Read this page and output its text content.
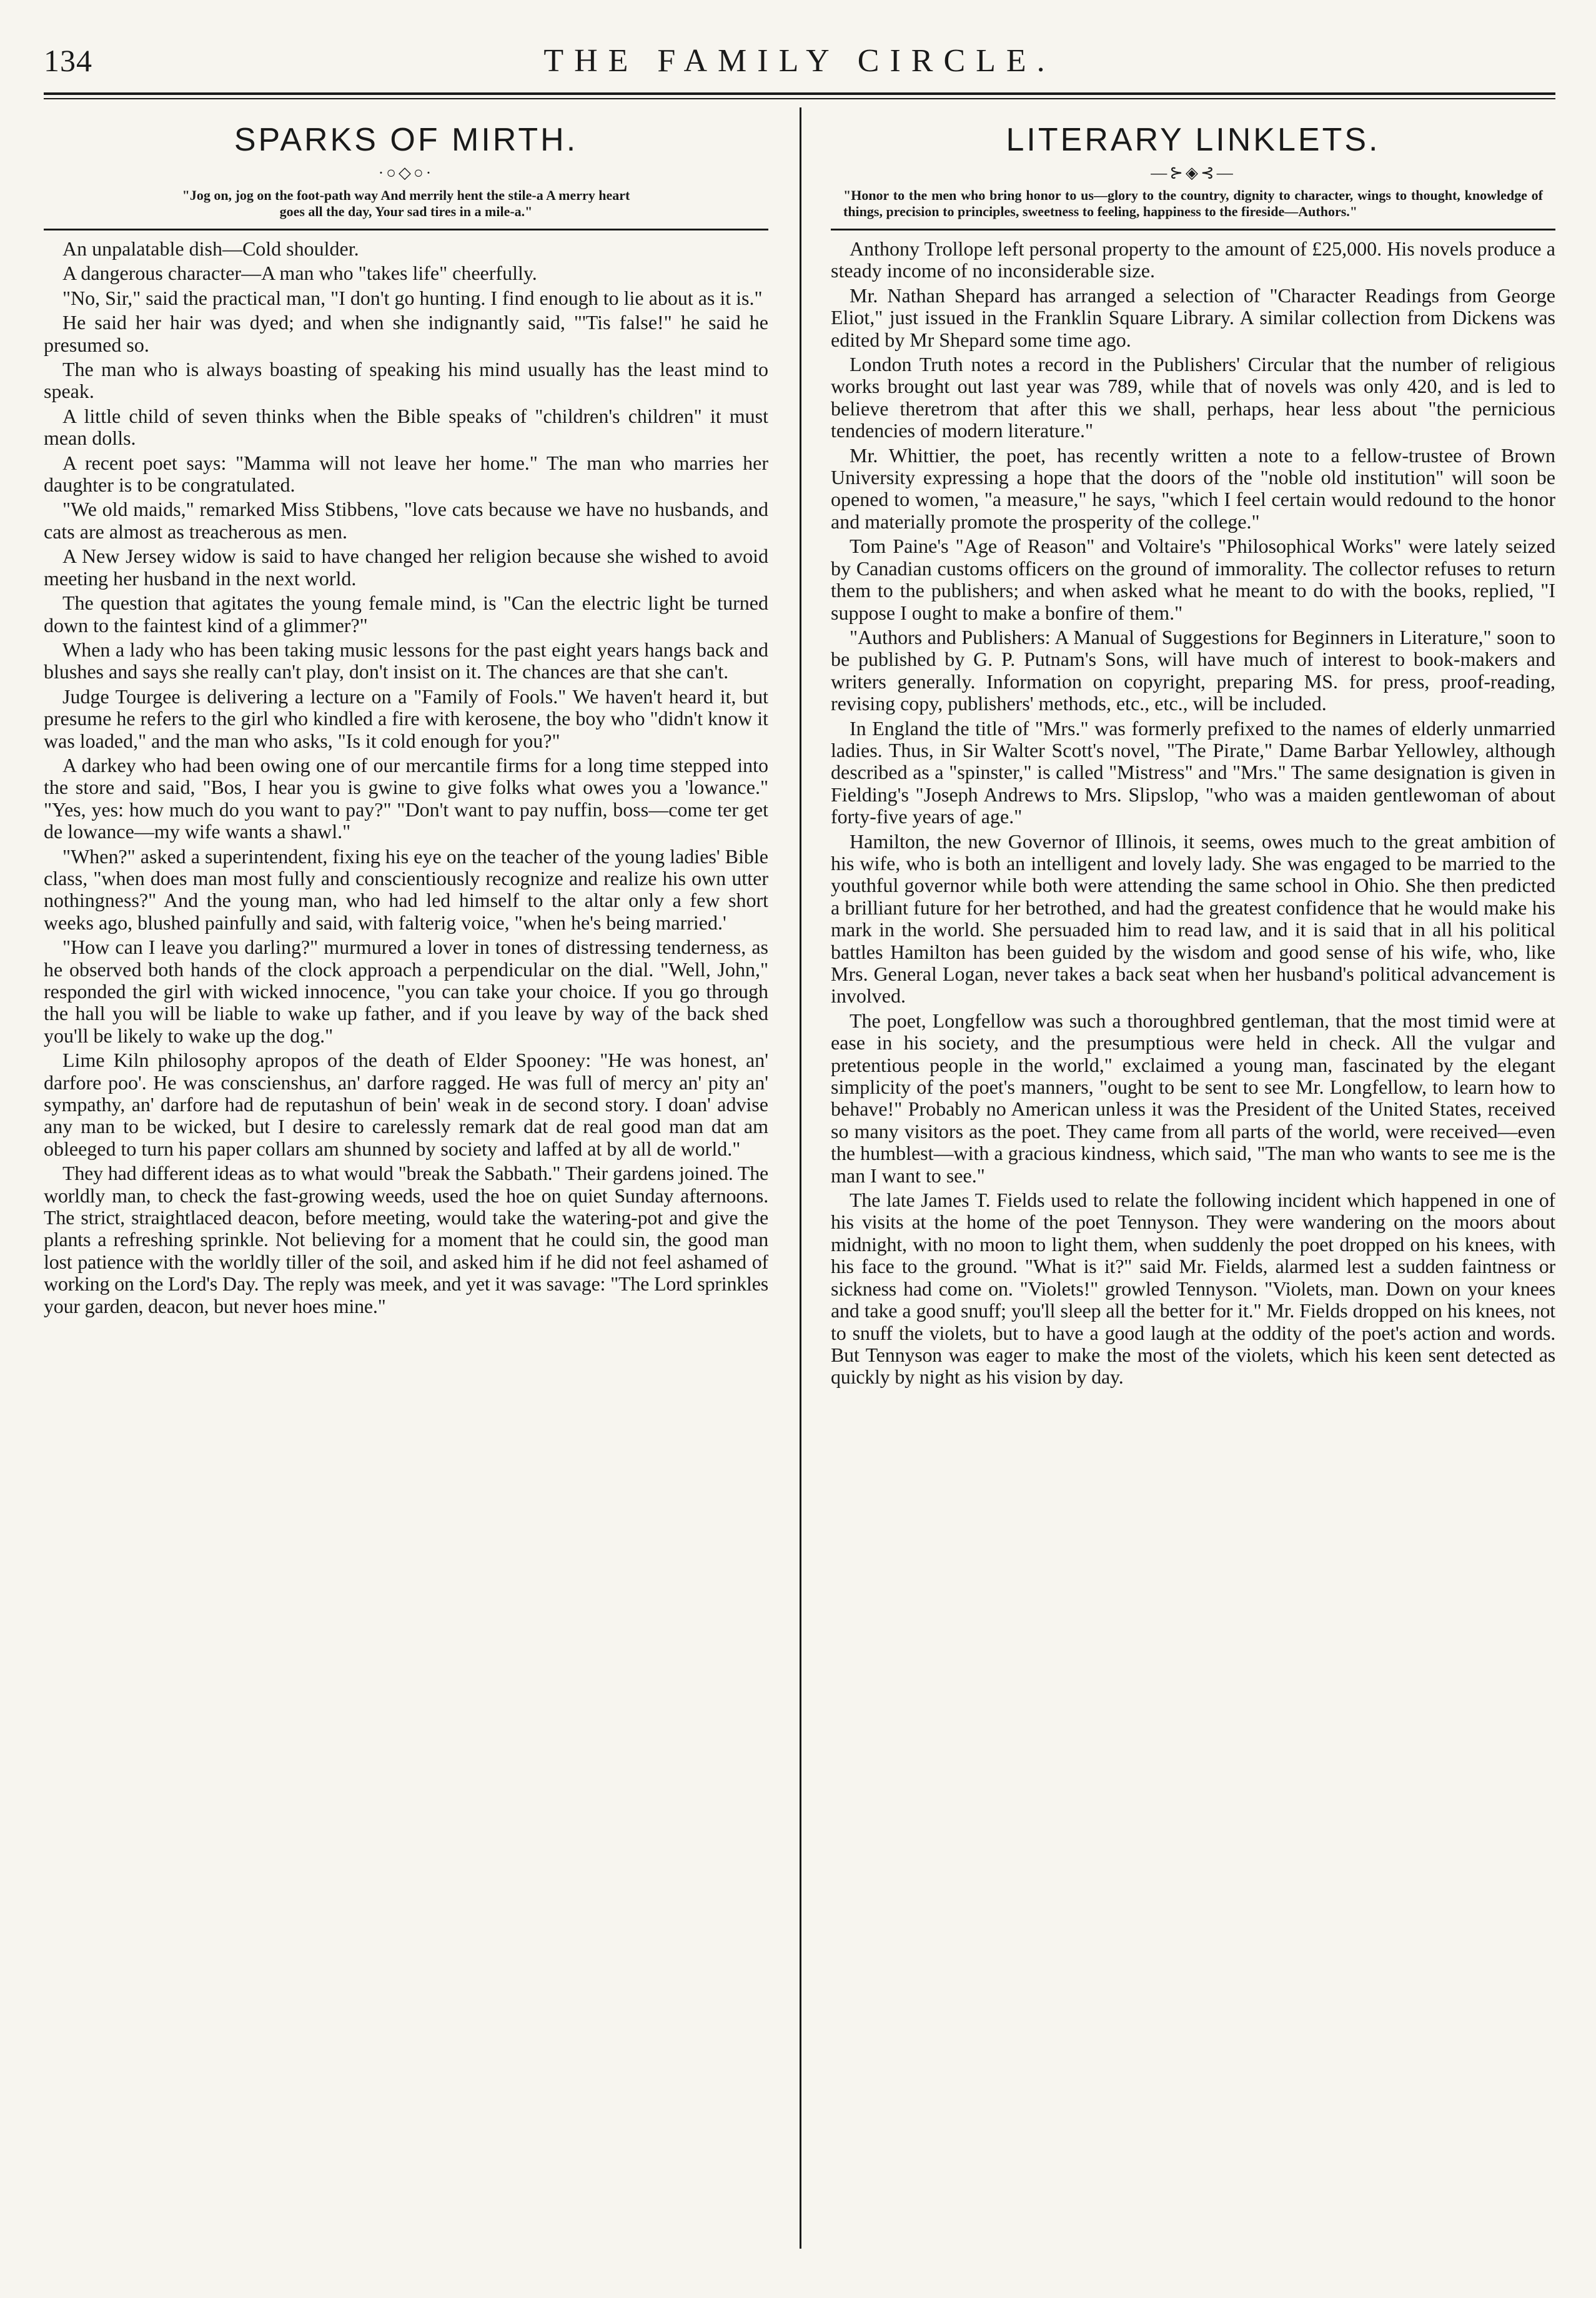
134	THE FAMILY CIRCLE.
SPARKS OF MIRTH.
·○◇○·
"Jog on, jog on the foot-path way And merrily hent the stile-a A merry heart goes all the day, Your sad tires in a mile-a."

An unpalatable dish—Cold shoulder.

A dangerous character—A man who "takes life" cheerfully.

"No, Sir," said the practical man, "I don't go hunting. I find enough to lie about as it is."

He said her hair was dyed; and when she indignantly said, "'Tis false!" he said he presumed so.

The man who is always boasting of speaking his mind usually has the least mind to speak.

A little child of seven thinks when the Bible speaks of "children's children" it must mean dolls.

A recent poet says: "Mamma will not leave her home." The man who marries her daughter is to be congratulated.

"We old maids," remarked Miss Stibbens, "love cats because we have no husbands, and cats are almost as treacherous as men.

A New Jersey widow is said to have changed her religion because she wished to avoid meeting her husband in the next world.

The question that agitates the young female mind, is "Can the electric light be turned down to the faintest kind of a glimmer?"

When a lady who has been taking music lessons for the past eight years hangs back and blushes and says she really can't play, don't insist on it. The chances are that she can't.

Judge Tourgee is delivering a lecture on a "Family of Fools." We haven't heard it, but presume he refers to the girl who kindled a fire with kerosene, the boy who "didn't know it was loaded," and the man who asks, "Is it cold enough for you?"

A darkey who had been owing one of our mercantile firms for a long time stepped into the store and said, "Bos, I hear you is gwine to give folks what owes you a 'lowance." "Yes, yes: how much do you want to pay?" "Don't want to pay nuffin, boss—come ter get de lowance—my wife wants a shawl."

"When?" asked a superintendent, fixing his eye on the teacher of the young ladies' Bible class, "when does man most fully and conscientiously recognize and realize his own utter nothingness?" And the young man, who had led himself to the altar only a few short weeks ago, blushed painfully and said, with falterig voice, "when he's being married.'

"How can I leave you darling?" murmured a lover in tones of distressing tenderness, as he observed both hands of the clock approach a perpendicular on the dial. "Well, John," responded the girl with wicked innocence, "you can take your choice. If you go through the hall you will be liable to wake up father, and if you leave by way of the back shed you'll be likely to wake up the dog."

Lime Kiln philosophy apropos of the death of Elder Spooney: "He was honest, an' darfore poo'. He was conscienshus, an' darfore ragged. He was full of mercy an' pity an' sympathy, an' darfore had de reputashun of bein' weak in de second story. I doan' advise any man to be wicked, but I desire to carelessly remark dat de real good man dat am obleeged to turn his paper collars am shunned by society and laffed at by all de world."

They had different ideas as to what would "break the Sabbath." Their gardens joined. The worldly man, to check the fast-growing weeds, used the hoe on quiet Sunday afternoons. The strict, straightlaced deacon, before meeting, would take the watering-pot and give the plants a refreshing sprinkle. Not believing for a moment that he could sin, the good man lost patience with the worldly tiller of the soil, and asked him if he did not feel ashamed of working on the Lord's Day. The reply was meek, and yet it was savage: "The Lord sprinkles your garden, deacon, but never hoes mine."

LITERARY LINKLETS.
—⊱◈⊰—
"Honor to the men who bring honor to us—glory to the country, dignity to character, wings to thought, knowledge of things, precision to principles, sweetness to feeling, happiness to the fireside—Authors."

Anthony Trollope left personal property to the amount of £25,000. His novels produce a steady income of no inconsiderable size.

Mr. Nathan Shepard has arranged a selection of "Character Readings from George Eliot," just issued in the Franklin Square Library. A similar collection from Dickens was edited by Mr Shepard some time ago.

London Truth notes a record in the Publishers' Circular that the number of religious works brought out last year was 789, while that of novels was only 420, and is led to believe theretrom that after this we shall, perhaps, hear less about "the pernicious tendencies of modern literature."

Mr. Whittier, the poet, has recently written a note to a fellow-trustee of Brown University expressing a hope that the doors of the "noble old institution" will soon be opened to women, "a measure," he says, "which I feel certain would redound to the honor and materially promote the prosperity of the college."

Tom Paine's "Age of Reason" and Voltaire's "Philosophical Works" were lately seized by Canadian customs officers on the ground of immorality. The collector refuses to return them to the publishers; and when asked what he meant to do with the books, replied, "I suppose I ought to make a bonfire of them."

"Authors and Publishers: A Manual of Suggestions for Beginners in Literature," soon to be published by G. P. Putnam's Sons, will have much of interest to book-makers and writers generally. Information on copyright, preparing MS. for press, proof-reading, revising copy, publishers' methods, etc., etc., will be included.

In England the title of "Mrs." was formerly prefixed to the names of elderly unmarried ladies. Thus, in Sir Walter Scott's novel, "The Pirate," Dame Barbar Yellowley, although described as a "spinster," is called "Mistress" and "Mrs." The same designation is given in Fielding's "Joseph Andrews to Mrs. Slipslop, "who was a maiden gentlewoman of about forty-five years of age."

Hamilton, the new Governor of Illinois, it seems, owes much to the great ambition of his wife, who is both an intelligent and lovely lady. She was engaged to be married to the youthful governor while both were attending the same school in Ohio. She then predicted a brilliant future for her betrothed, and had the greatest confidence that he would make his mark in the world. She persuaded him to read law, and it is said that in all his political battles Hamilton has been guided by the wisdom and good sense of his wife, who, like Mrs. General Logan, never takes a back seat when her husband's political advancement is involved.

The poet, Longfellow was such a thoroughbred gentleman, that the most timid were at ease in his society, and the presumptious were held in check. All the vulgar and pretentious people in the world," exclaimed a young man, fascinated by the elegant simplicity of the poet's manners, "ought to be sent to see Mr. Longfellow, to learn how to behave!" Probably no American unless it was the President of the United States, received so many visitors as the poet. They came from all parts of the world, were received—even the humblest—with a gracious kindness, which said, "The man who wants to see me is the man I want to see."

The late James T. Fields used to relate the following incident which happened in one of his visits at the home of the poet Tennyson. They were wandering on the moors about midnight, with no moon to light them, when suddenly the poet dropped on his knees, with his face to the ground. "What is it?" said Mr. Fields, alarmed lest a sudden faintness or sickness had come on. "Violets!" growled Tennyson. "Violets, man. Down on your knees and take a good snuff; you'll sleep all the better for it." Mr. Fields dropped on his knees, not to snuff the violets, but to have a good laugh at the oddity of the poet's action and words. But Tennyson was eager to make the most of the violets, which his keen sent detected as quickly by night as his vision by day.
